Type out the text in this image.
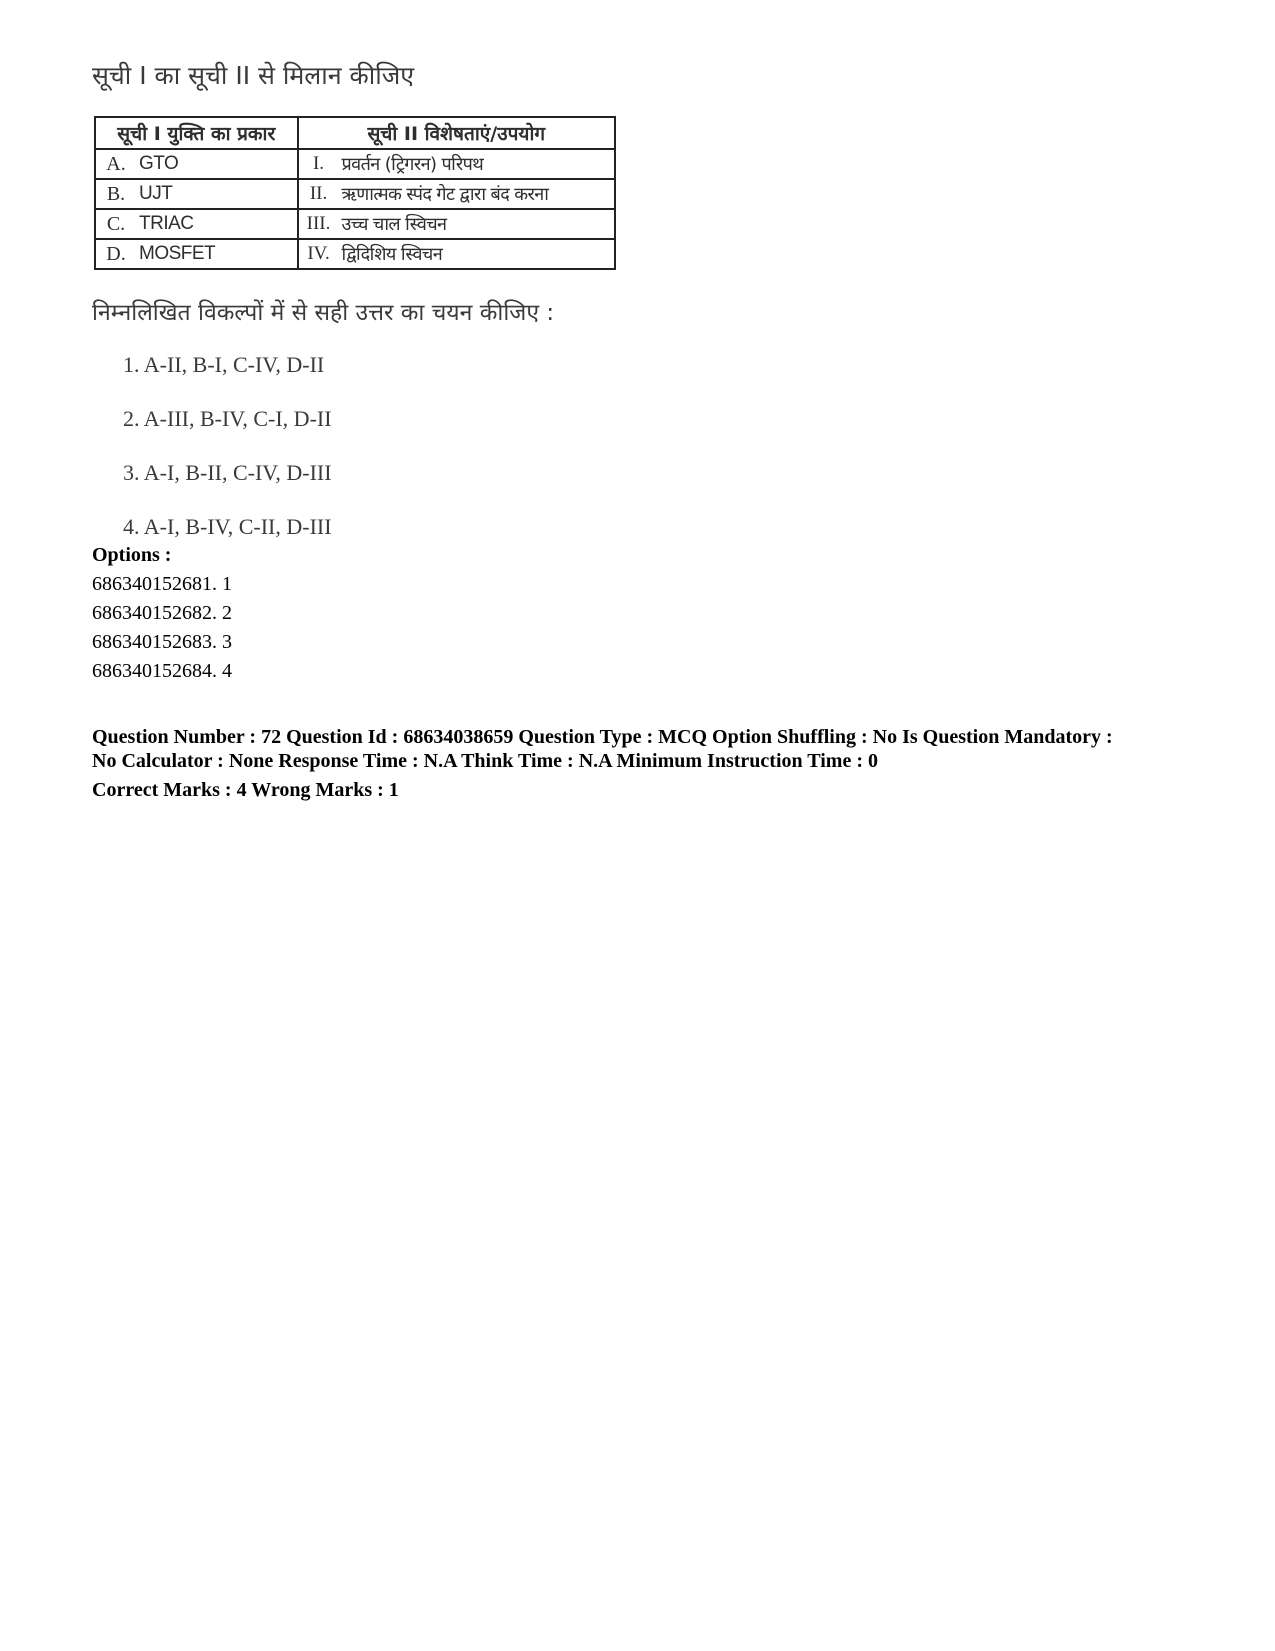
सूची I का सूची II से मिलान कीजिए
सूची I युक्ति का प्रकार		सूची II विशेषताएं/उपयोग	
A.	GTO	I.	प्रवर्तन (ट्रिगरन) परिपथ
B.	UJT	II.	ऋणात्मक स्पंद गेट द्वारा बंद करना
C.	TRIAC	III.	उच्च चाल स्विचन
D.	MOSFET	IV.	द्विदिशिय स्विचन
निम्नलिखित विकल्पों में से सही उत्तर का चयन कीजिए :
1. A-II, B-I, C-IV, D-II
2. A-III, B-IV, C-I, D-II
3. A-I, B-II, C-IV, D-III
4. A-I, B-IV, C-II, D-III
Options :
686340152681. 1
686340152682. 2
686340152683. 3
686340152684. 4
Question Number : 72 Question Id : 68634038659 Question Type : MCQ Option Shuffling : No Is Question Mandatory :
No Calculator : None Response Time : N.A Think Time : N.A Minimum Instruction Time : 0
Correct Marks : 4 Wrong Marks : 1
